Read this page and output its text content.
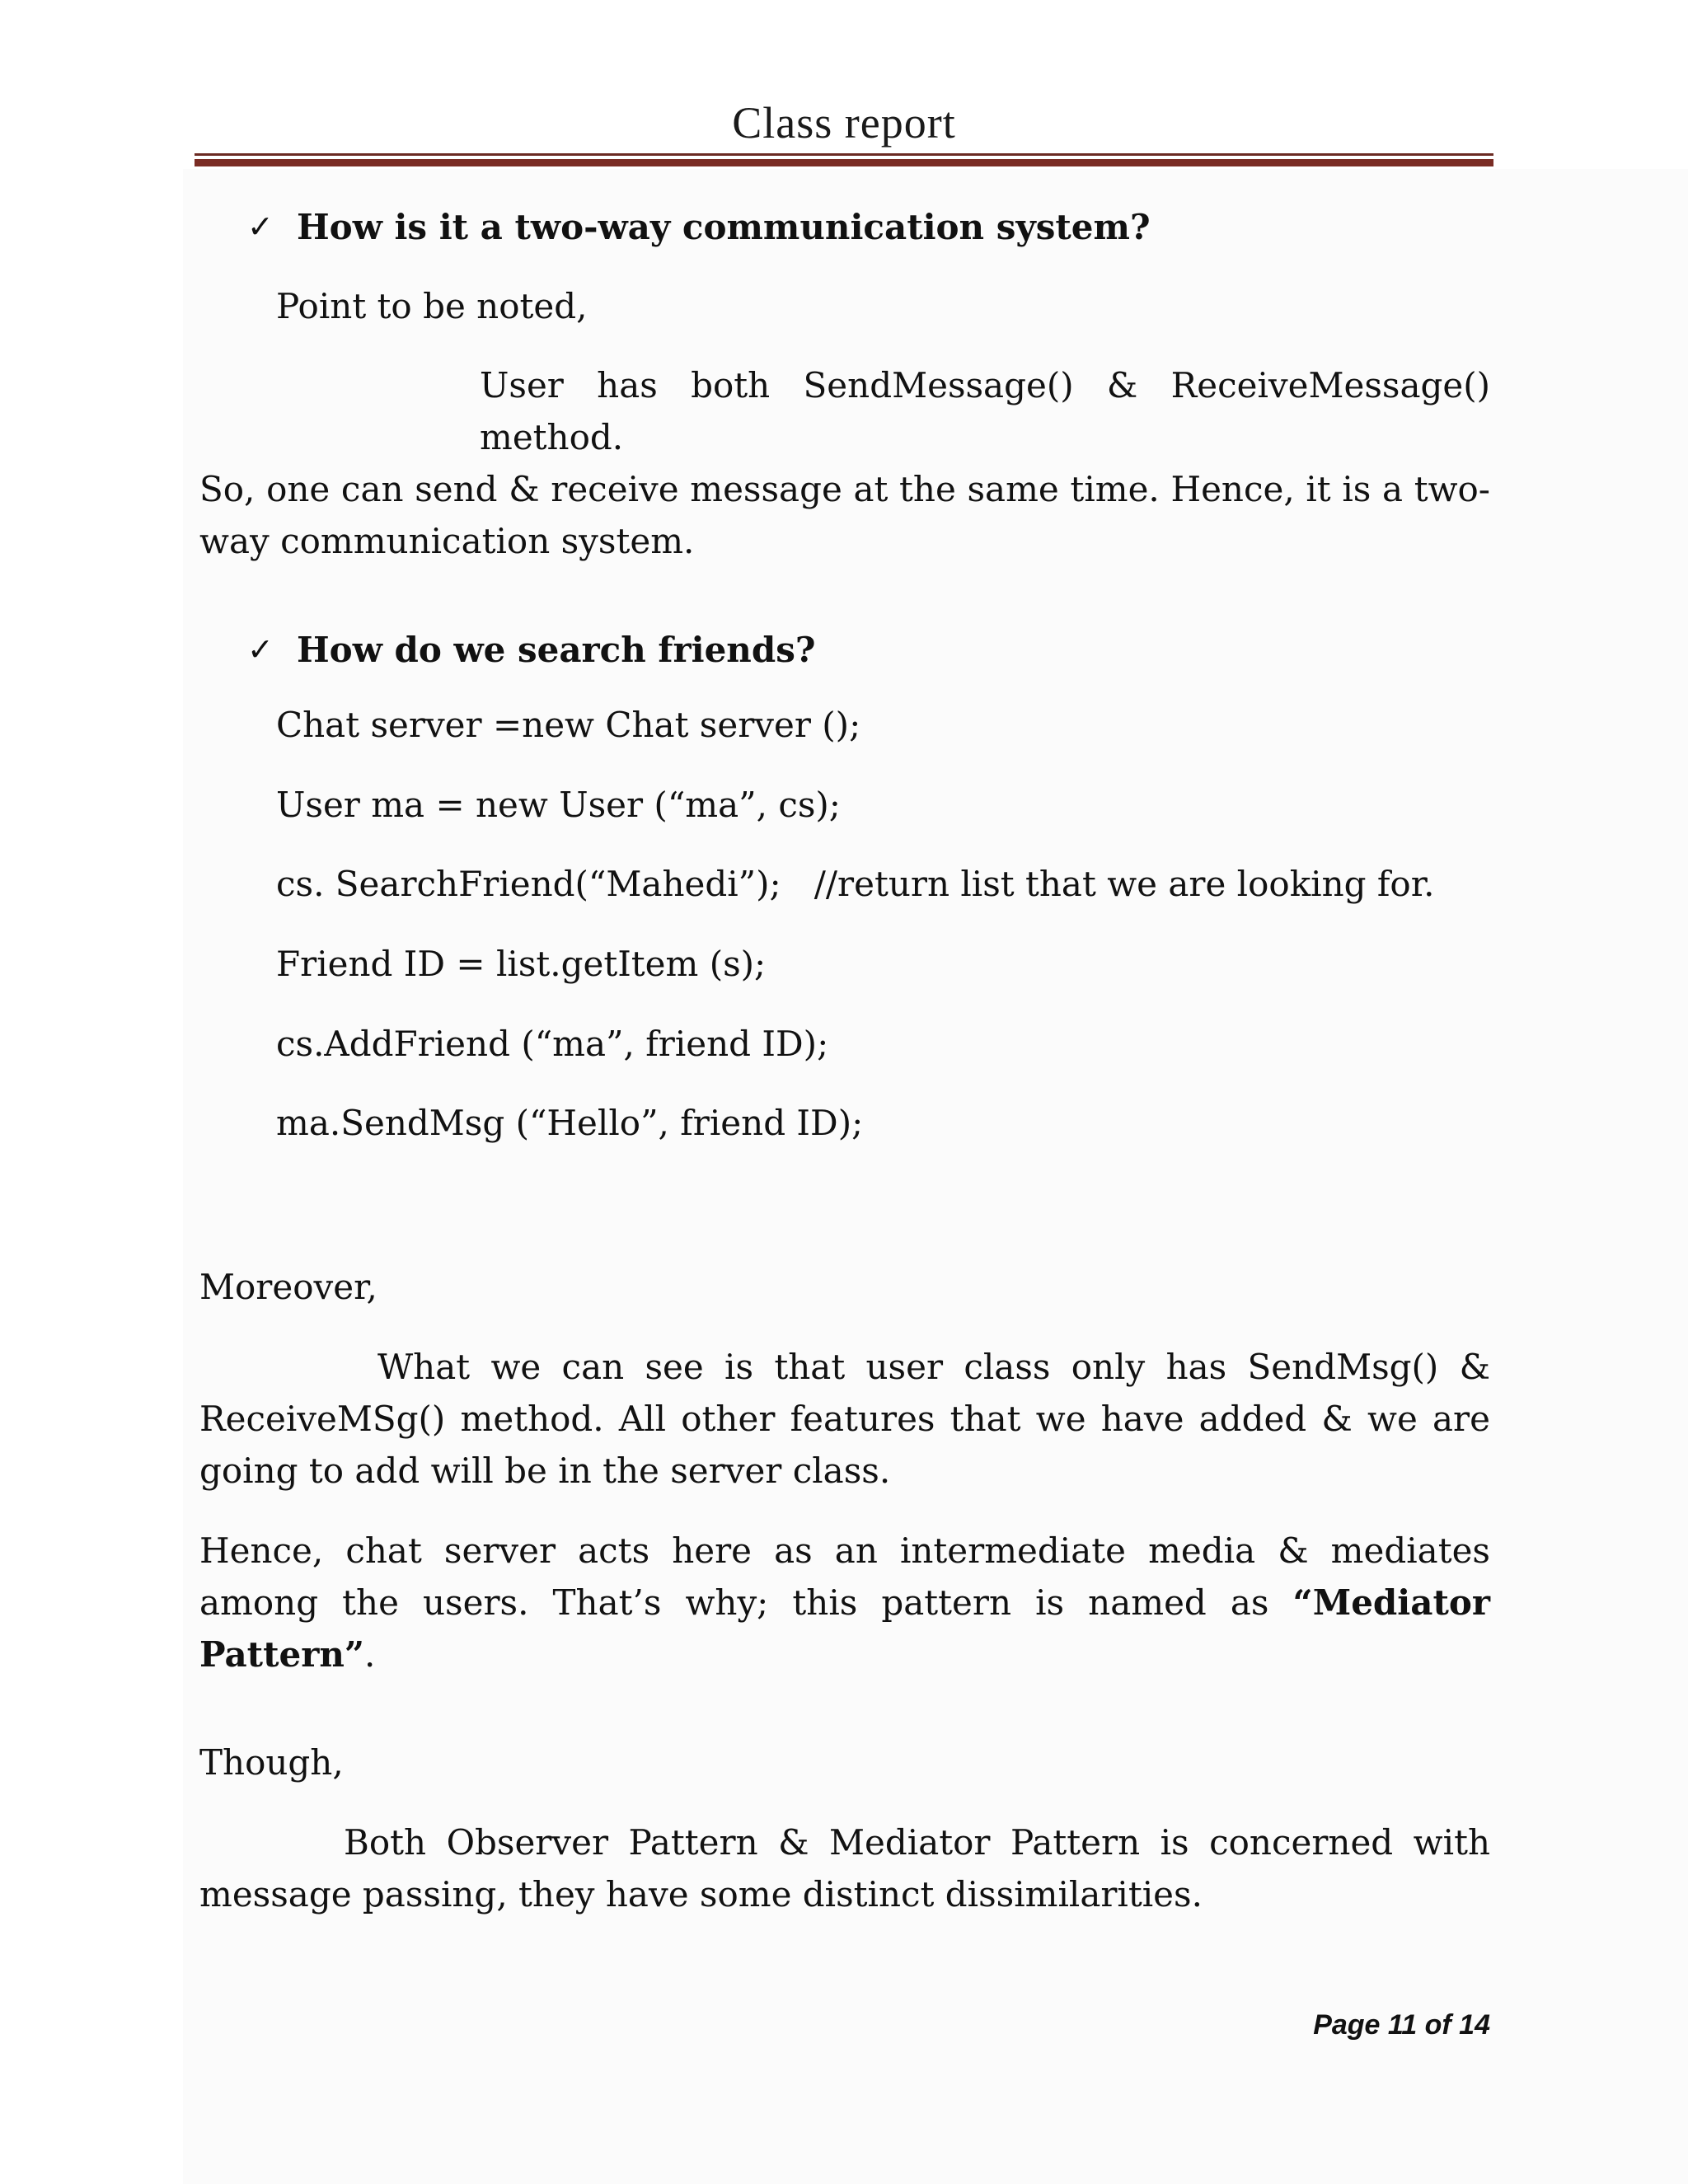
Class report
✓ How is it a two-way communication system?
Point to be noted,
User has both SendMessage() & ReceiveMessage() method.
So, one can send & receive message at the same time. Hence, it is a two-way communication system.
✓ How do we search friends?
Chat server =new Chat server ();
User ma = new User (“ma”, cs);
cs. SearchFriend(“Mahedi”);   //return list that we are looking for.
Friend ID = list.getItem (s);
cs.AddFriend (“ma”, friend ID);
ma.SendMsg (“Hello”, friend ID);
Moreover,
What we can see is that user class only has SendMsg() &
ReceiveMSg() method. All other features that we have added & we are going to add will be in the server class.
Hence, chat server acts here as an intermediate media & mediates among the users. That’s why; this pattern is named as “Mediator Pattern”.
Though,
Both Observer Pattern & Mediator Pattern is concerned with
message passing, they have some distinct dissimilarities.
Page 11 of 14
